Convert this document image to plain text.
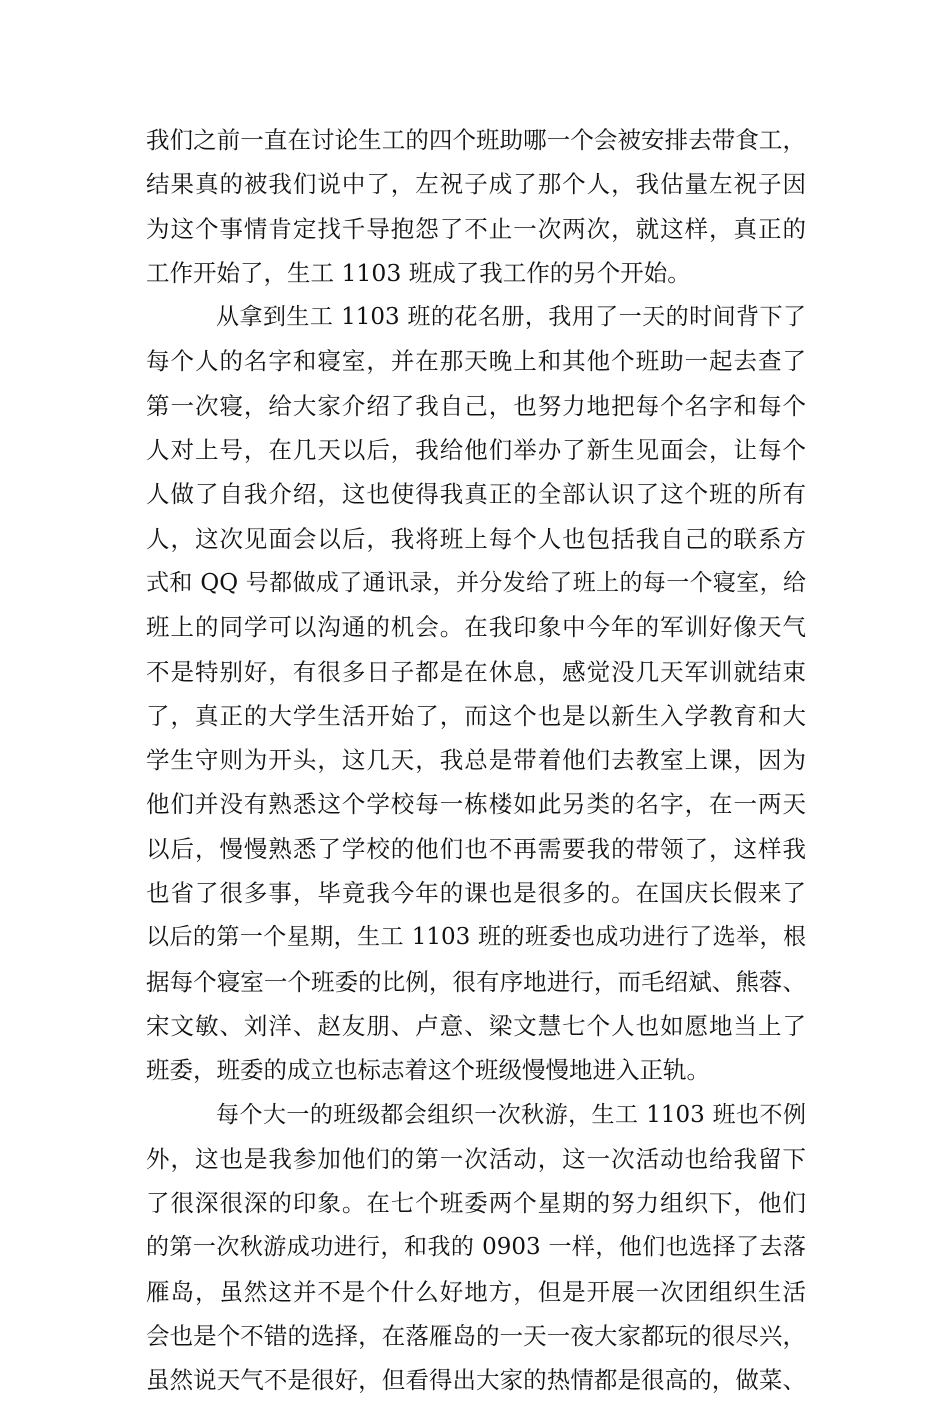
我们之前一直在讨论生工的四个班助哪一个会被安排去带食工，
结果真的被我们说中了，左祝子成了那个人，我估量左祝子因
为这个事情肯定找千导抱怨了不止一次两次，就这样，真正的
工作开始了，生工 1103 班成了我工作的另个开始。
从拿到生工 1103 班的花名册，我用了一天的时间背下了
每个人的名字和寝室，并在那天晚上和其他个班助一起去查了
第一次寝，给大家介绍了我自己，也努力地把每个名字和每个
人对上号，在几天以后，我给他们举办了新生见面会，让每个
人做了自我介绍，这也使得我真正的全部认识了这个班的所有
人，这次见面会以后，我将班上每个人也包括我自己的联系方
式和 QQ 号都做成了通讯录，并分发给了班上的每一个寝室，给
班上的同学可以沟通的机会。在我印象中今年的军训好像天气
不是特别好，有很多日子都是在休息，感觉没几天军训就结束
了，真正的大学生活开始了，而这个也是以新生入学教育和大
学生守则为开头，这几天，我总是带着他们去教室上课，因为
他们并没有熟悉这个学校每一栋楼如此另类的名字，在一两天
以后，慢慢熟悉了学校的他们也不再需要我的带领了，这样我
也省了很多事，毕竟我今年的课也是很多的。在国庆长假来了
以后的第一个星期，生工 1103 班的班委也成功进行了选举，根
据每个寝室一个班委的比例，很有序地进行，而毛绍斌、熊蓉、
宋文敏、刘洋、赵友朋、卢意、梁文慧七个人也如愿地当上了
班委，班委的成立也标志着这个班级慢慢地进入正轨。
每个大一的班级都会组织一次秋游，生工 1103 班也不例
外，这也是我参加他们的第一次活动，这一次活动也给我留下
了很深很深的印象。在七个班委两个星期的努力组织下，他们
的第一次秋游成功进行，和我的 0903 一样，他们也选择了去落
雁岛，虽然这并不是个什么好地方，但是开展一次团组织生活
会也是个不错的选择，在落雁岛的一天一夜大家都玩的很尽兴，
虽然说天气不是很好，但看得出大家的热情都是很高的，做菜、
